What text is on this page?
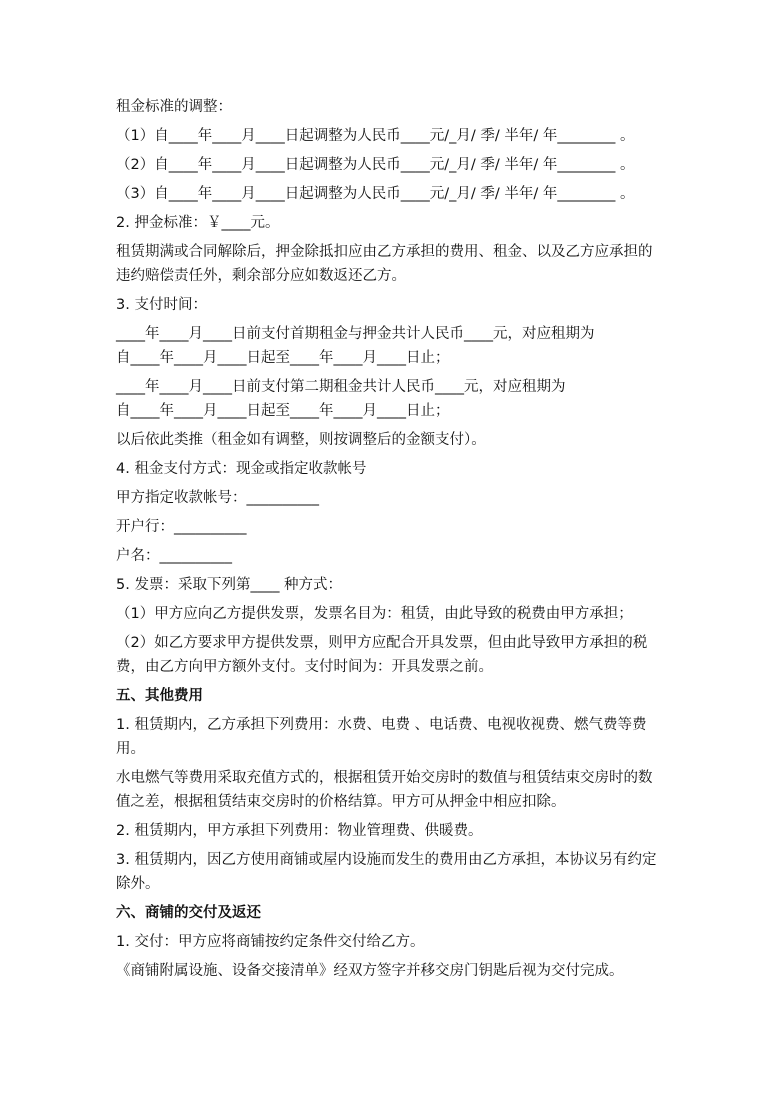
租金标准的调整：

（1）自____年____月____日起调整为人民币____元/_月/ 季/ 半年/ 年________ 。

（2）自____年____月____日起调整为人民币____元/_月/ 季/ 半年/ 年________ 。

（3）自____年____月____日起调整为人民币____元/_月/ 季/ 半年/ 年________ 。

2. 押金标准：￥____元。

租赁期满或合同解除后，押金除抵扣应由乙方承担的费用、租金、以及乙方应承担的违约赔偿责任外，剩余部分应如数返还乙方。

3. 支付时间：

____年____月____日前支付首期租金与押金共计人民币____元，对应租期为

自____年____月____日起至____年____月____日止；

____年____月____日前支付第二期租金共计人民币____元，对应租期为

自____年____月____日起至____年____月____日止；

以后依此类推（租金如有调整，则按调整后的金额支付）。

4. 租金支付方式：现金或指定收款帐号

甲方指定收款帐号：__________

开户行：__________

户名：__________

5. 发票：采取下列第____ 种方式：

（1）甲方应向乙方提供发票，发票名目为：租赁，由此导致的税费由甲方承担；

（2）如乙方要求甲方提供发票，则甲方应配合开具发票，但由此导致甲方承担的税费，由乙方向甲方额外支付。支付时间为：开具发票之前。

五、其他费用

1. 租赁期内，乙方承担下列费用：水费、电费 、电话费、电视收视费、燃气费等费用。

水电燃气等费用采取充值方式的，根据租赁开始交房时的数值与租赁结束交房时的数值之差，根据租赁结束交房时的价格结算。甲方可从押金中相应扣除。

2. 租赁期内，甲方承担下列费用：物业管理费、供暖费。

3. 租赁期内，因乙方使用商铺或屋内设施而发生的费用由乙方承担，本协议另有约定除外。

六、商铺的交付及返还

1. 交付：甲方应将商铺按约定条件交付给乙方。

《商铺附属设施、设备交接清单》经双方签字并移交房门钥匙后视为交付完成。
